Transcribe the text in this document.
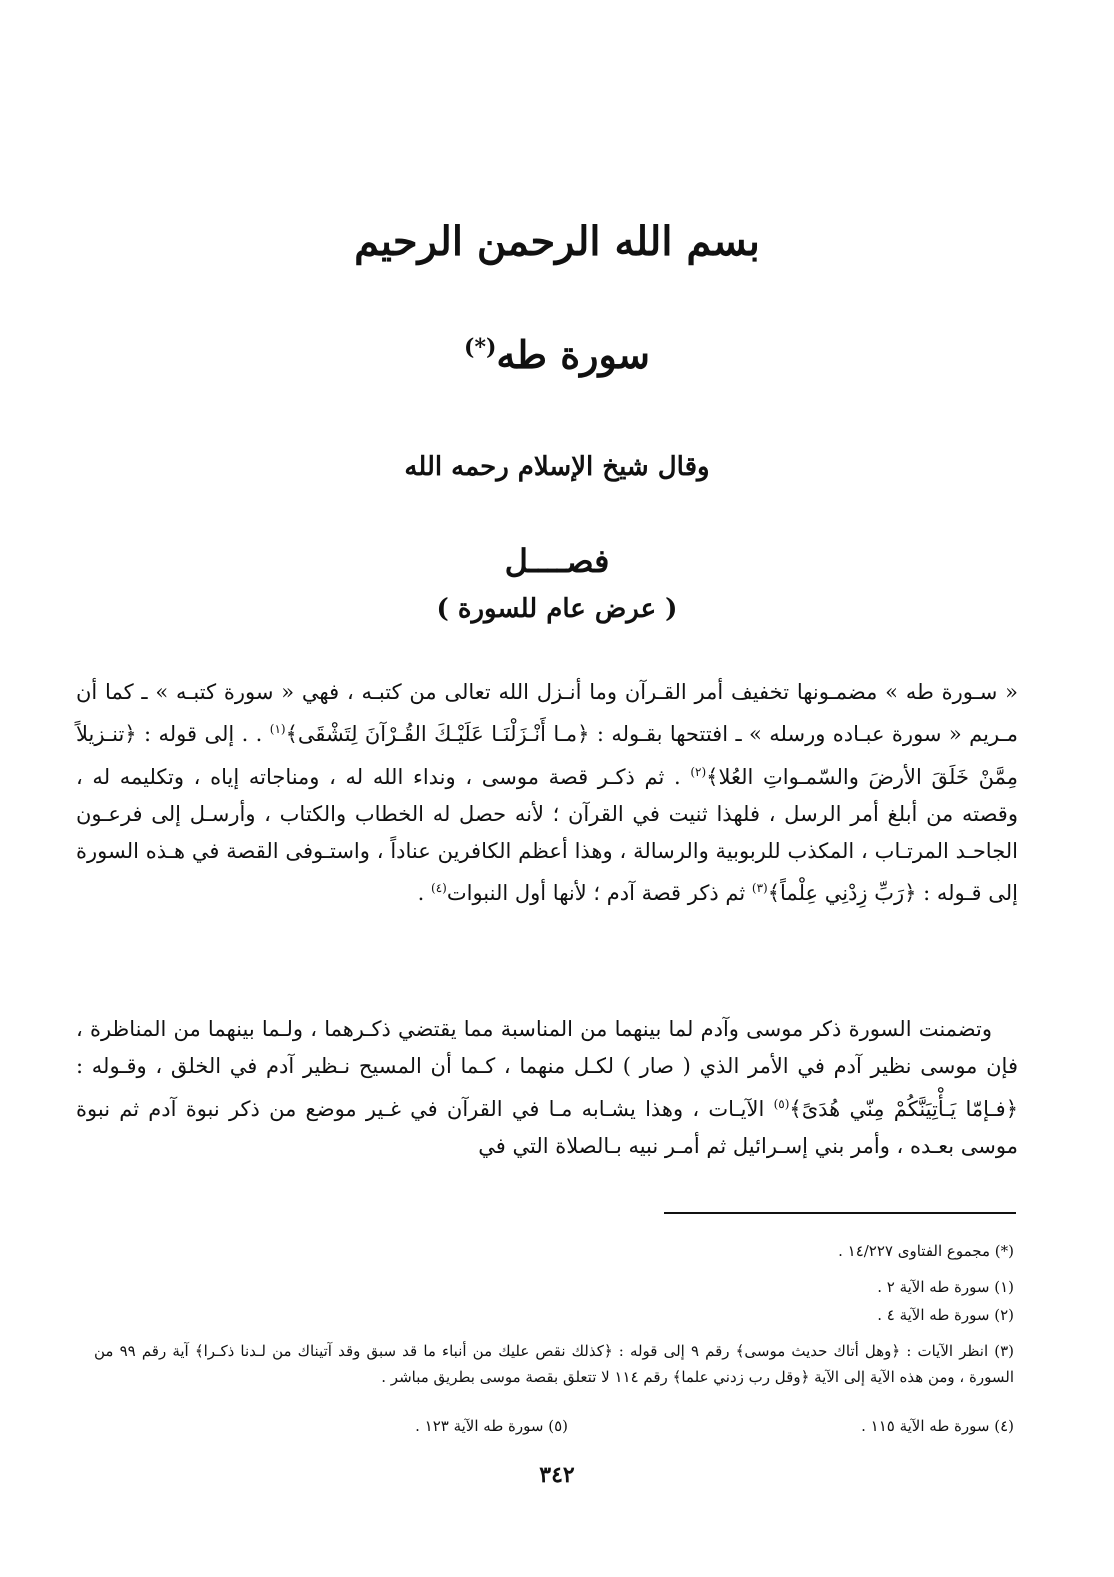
بسم الله الرحمن الرحيم
سورة طه(*)
وقال شيخ الإسلام رحمه الله
فصــــل
( عرض عام للسورة )

« سـورة طه » مضمـونها تخفيف أمر القـرآن وما أنـزل الله تعالى من كتبـه ، فهي « سورة كتبـه » ـ كما أن مـريم « سورة عبـاده ورسله » ـ افتتحها بقـوله : ﴿مـا أَنْـزَلْنَـا عَلَيْـكَ القُـرْآنَ لِتَشْقَى﴾$^{(١)}$ . . إلى قوله : ﴿تنـزيلاً مِمَّنْ خَلَقَ الأرضَ والسّمـواتِ العُلا﴾$^{(٢)}$ . ثم ذكـر قصة موسى ، ونداء الله له ، ومناجاته إياه ، وتكليمه له ، وقصته من أبلغ أمر الرسل ، فلهذا ثنيت في القرآن ؛ لأنه حصل له الخطاب والكتاب ، وأرسـل إلى فرعـون الجاحـد المرتـاب ، المكذب للربوبية والرسالة ، وهذا أعظم الكافرين عناداً ، واستـوفى القصة في هـذه السورة إلى قـوله : ﴿رَبِّ زِدْنِي عِلْماً﴾$^{(٣)}$ ثم ذكر قصة آدم ؛ لأنها أول النبوات$^{(٤)}$ .

وتضمنت السورة ذكر موسى وآدم لما بينهما من المناسبة مما يقتضي ذكـرهما ، ولـما بينهما من المناظرة ، فإن موسى نظير آدم في الأمر الذي ( صار ) لكـل منهما ، كـما أن المسيح نـظير آدم في الخلق ، وقـوله : ﴿فـإمّا يَـأْتِيَنَّكُمْ مِنّي هُدَىً﴾$^{(٥)}$ الآيـات ، وهذا يشـابه مـا في القرآن في غـير موضع من ذكر نبوة آدم ثم نبوة موسى بعـده ، وأمر بني إسـرائيل ثم أمـر نبيه بـالصلاة التي في

(*) مجموع الفتاوى ١٤/٢٢٧ .

(١) سورة طه الآية ٢ .

(٢) سورة طه الآية ٤ .

(٣) انظر الآيات : ﴿وهل أتاك حديث موسى﴾ رقم ٩ إلى قوله : ﴿كذلك نقص عليك من أنباء ما قد سبق وقد آتيناك من لـدنا ذكـرا﴾ آية رقم ٩٩ من السورة ، ومن هذه الآية إلى الآية ﴿وقل رب زدني علما﴾ رقم ١١٤ لا تتعلق بقصة موسى بطريق مباشر .

(٤) سورة طه الآية ١١٥ .

(٥) سورة طه الآية ١٢٣ .

٣٤٢
